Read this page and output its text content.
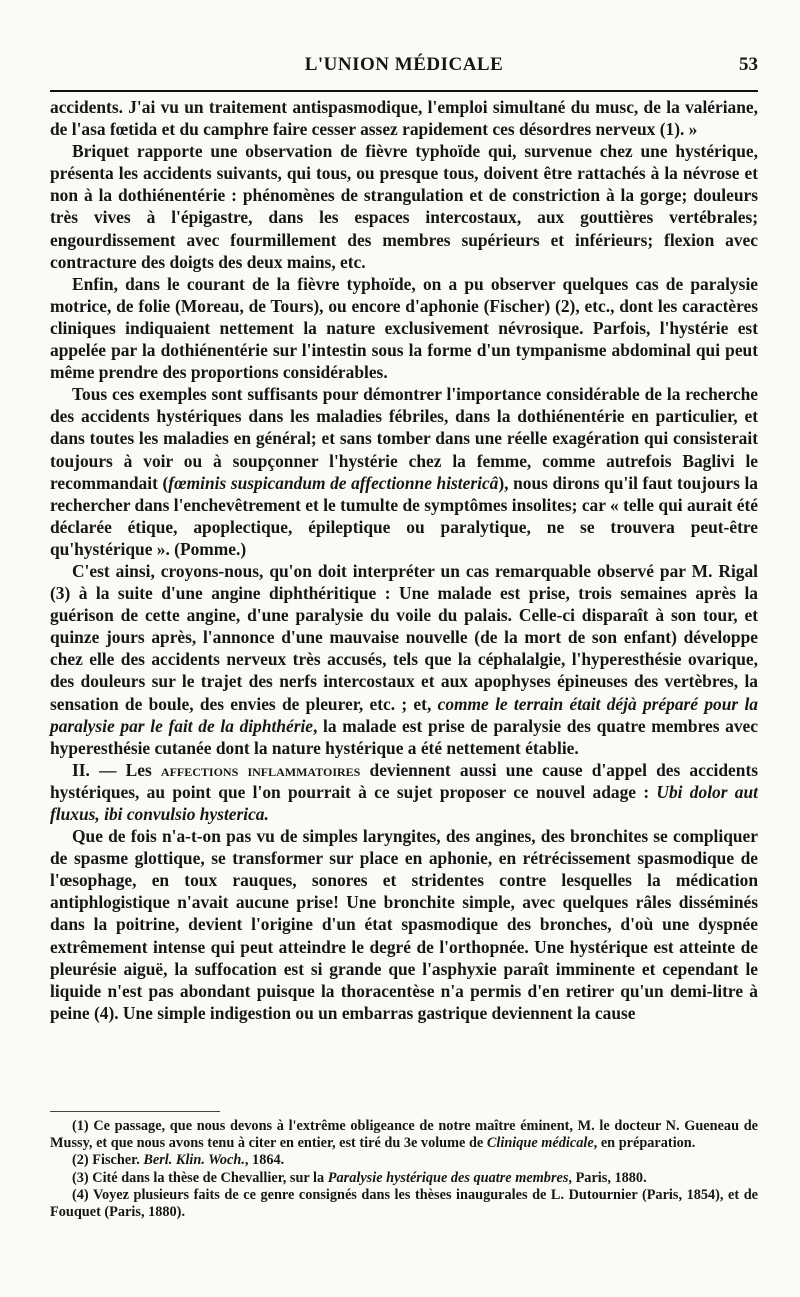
L'UNION MÉDICALE	53

accidents. J'ai vu un traitement antispasmodique, l'emploi simultané du musc, de la valériane, de l'asa fœtida et du camphre faire cesser assez rapidement ces désordres nerveux (1). »

Briquet rapporte une observation de fièvre typhoïde qui, survenue chez une hystérique, présenta les accidents suivants, qui tous, ou presque tous, doivent être rattachés à la névrose et non à la dothiénentérie : phénomènes de strangulation et de constriction à la gorge; douleurs très vives à l'épigastre, dans les espaces intercostaux, aux gouttières vertébrales; engourdissement avec fourmillement des membres supérieurs et inférieurs; flexion avec contracture des doigts des deux mains, etc.

Enfin, dans le courant de la fièvre typhoïde, on a pu observer quelques cas de paralysie motrice, de folie (Moreau, de Tours), ou encore d'aphonie (Fischer) (2), etc., dont les caractères cliniques indiquaient nettement la nature exclusivement névrosique. Parfois, l'hystérie est appelée par la dothiénentérie sur l'intestin sous la forme d'un tympanisme abdominal qui peut même prendre des proportions considérables.

Tous ces exemples sont suffisants pour démontrer l'importance considérable de la recherche des accidents hystériques dans les maladies fébriles, dans la dothiénentérie en particulier, et dans toutes les maladies en général; et sans tomber dans une réelle exagération qui consisterait toujours à voir ou à soupçonner l'hystérie chez la femme, comme autrefois Baglivi le recommandait (fœminis suspicandum de affectionne histericâ), nous dirons qu'il faut toujours la rechercher dans l'enchevêtrement et le tumulte de symptômes insolites; car « telle qui aurait été déclarée étique, apoplectique, épileptique ou paralytique, ne se trouvera peut-être qu'hystérique ». (Pomme.)

C'est ainsi, croyons-nous, qu'on doit interpréter un cas remarquable observé par M. Rigal (3) à la suite d'une angine diphthéritique : Une malade est prise, trois semaines après la guérison de cette angine, d'une paralysie du voile du palais. Celle-ci disparaît à son tour, et quinze jours après, l'annonce d'une mauvaise nouvelle (de la mort de son enfant) développe chez elle des accidents nerveux très accusés, tels que la céphalalgie, l'hyperesthésie ovarique, des douleurs sur le trajet des nerfs intercostaux et aux apophyses épineuses des vertèbres, la sensation de boule, des envies de pleurer, etc. ; et, comme le terrain était déjà préparé pour la paralysie par le fait de la diphthérie, la malade est prise de paralysie des quatre membres avec hyperesthésie cutanée dont la nature hystérique a été nettement établie.

II. — Les affections inflammatoires deviennent aussi une cause d'appel des accidents hystériques, au point que l'on pourrait à ce sujet proposer ce nouvel adage : Ubi dolor aut fluxus, ibi convulsio hysterica.

Que de fois n'a-t-on pas vu de simples laryngites, des angines, des bronchites se compliquer de spasme glottique, se transformer sur place en aphonie, en rétrécissement spasmodique de l'œsophage, en toux rauques, sonores et stridentes contre lesquelles la médication antiphlogistique n'avait aucune prise! Une bronchite simple, avec quelques râles disséminés dans la poitrine, devient l'origine d'un état spasmodique des bronches, d'où une dyspnée extrêmement intense qui peut atteindre le degré de l'orthopnée. Une hystérique est atteinte de pleurésie aiguë, la suffocation est si grande que l'asphyxie paraît imminente et cependant le liquide n'est pas abondant puisque la thoracentèse n'a permis d'en retirer qu'un demi-litre à peine (4). Une simple indigestion ou un embarras gastrique deviennent la cause

(1) Ce passage, que nous devons à l'extrême obligeance de notre maître éminent, M. le docteur N. Gueneau de Mussy, et que nous avons tenu à citer en entier, est tiré du 3e volume de Clinique médicale, en préparation.

(2) Fischer. Berl. Klin. Woch., 1864.

(3) Cité dans la thèse de Chevallier, sur la Paralysie hystérique des quatre membres, Paris, 1880.

(4) Voyez plusieurs faits de ce genre consignés dans les thèses inaugurales de L. Dutournier (Paris, 1854), et de Fouquet (Paris, 1880).
